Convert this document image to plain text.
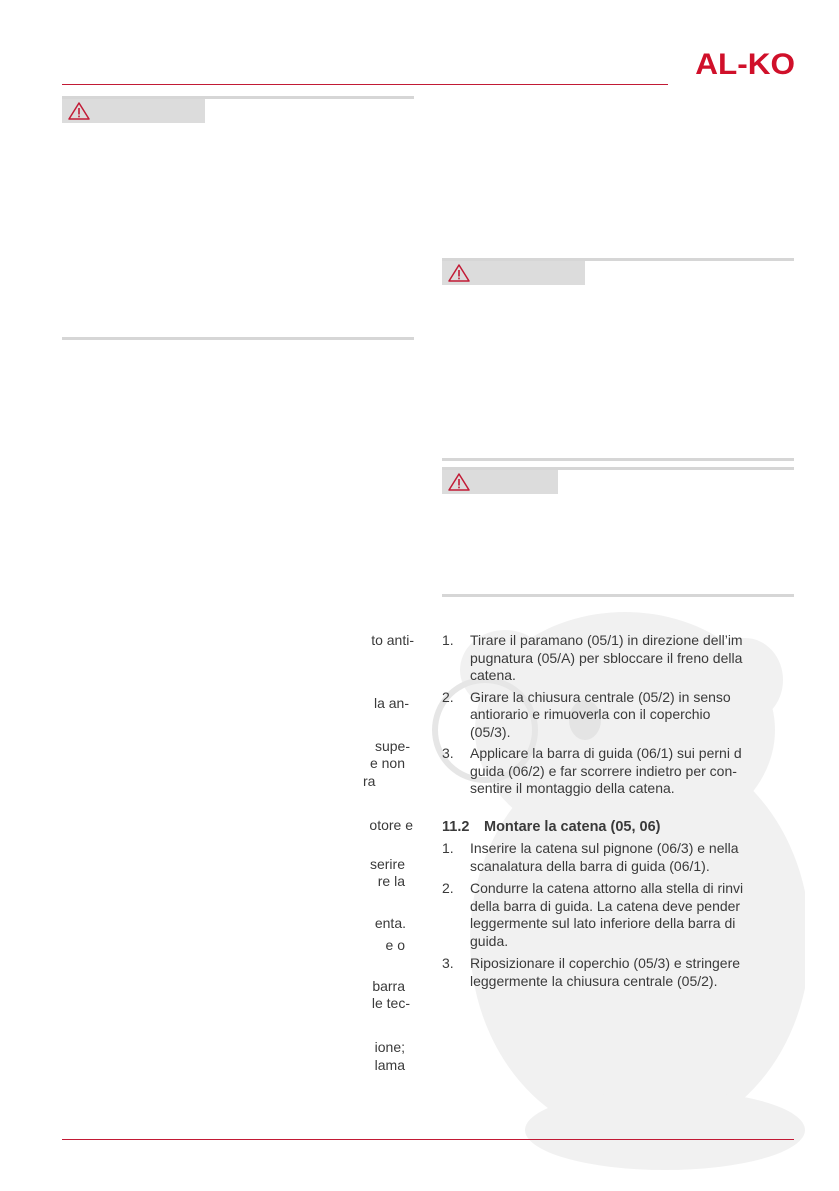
AL-KO
to anti-
la an-
supe-
e non
ra
otore e
serire
re la
enta.
e o
barra
le tec-
ione;
lama
1. Tirare il paramano (05/1) in direzione dell’im
pugnatura (05/A) per sbloccare il freno della
catena.
2. Girare la chiusura centrale (05/2) in senso
antiorario e rimuoverla con il coperchio
(05/3).
3. Applicare la barra di guida (06/1) sui perni d
guida (06/2) e far scorrere indietro per con-
sentire il montaggio della catena.
11.2 Montare la catena (05, 06)
1. Inserire la catena sul pignone (06/3) e nella
scanalatura della barra di guida (06/1).
2. Condurre la catena attorno alla stella di rinvi
della barra di guida. La catena deve pender
leggermente sul lato inferiore della barra di
guida.
3. Riposizionare il coperchio (05/3) e stringere
leggermente la chiusura centrale (05/2).
